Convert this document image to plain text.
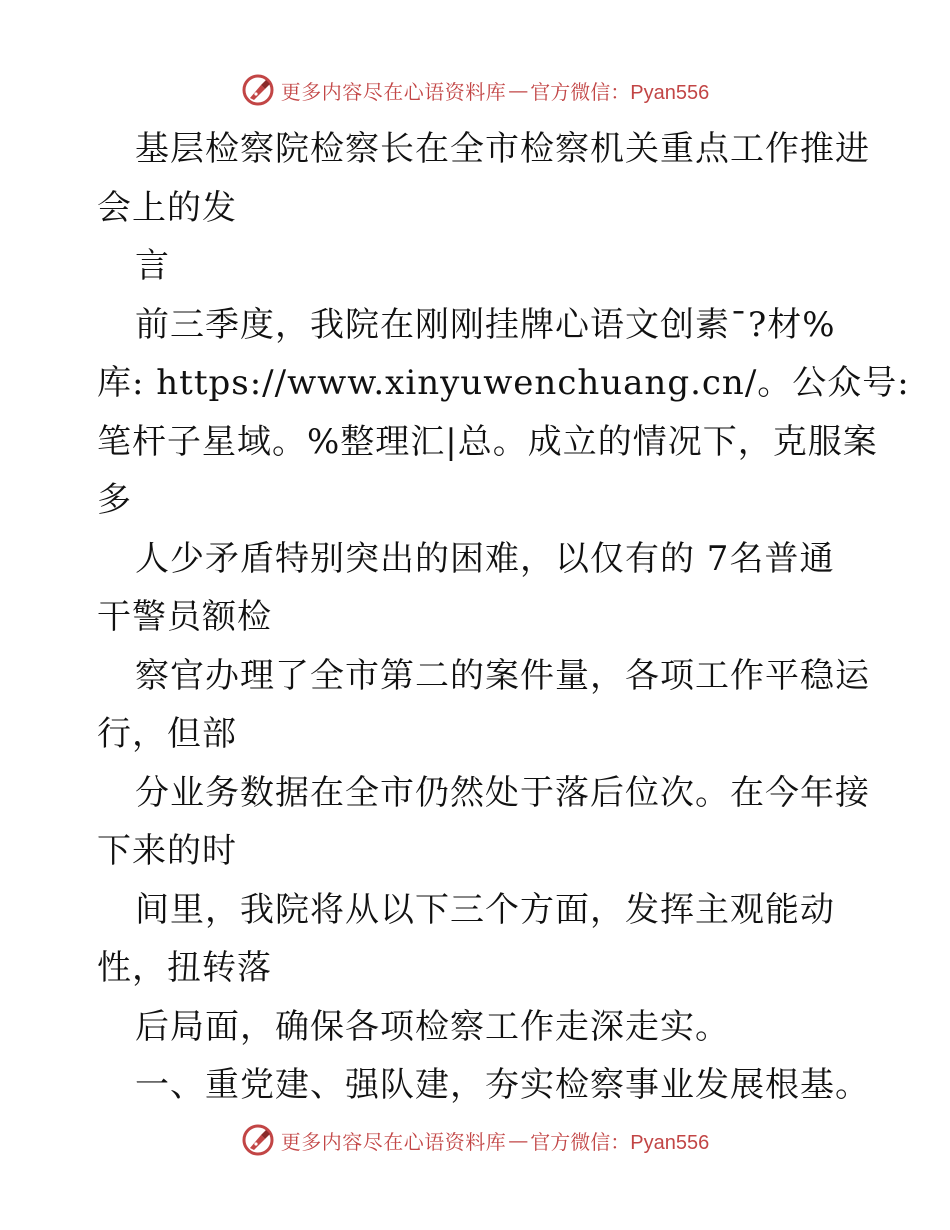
更多内容尽在心语资料库 — 官方微信：Pyan556
基层检察院检察长在全市检察机关重点工作推进
会上的发
言
前三季度，我院在刚刚挂牌心语文创素¯?材%
库: https://www.xinyuwenchuang.cn/。公众号:
笔杆子星域。%整理汇|总。成立的情况下，克服案
多
人少矛盾特别突出的困难，以仅有的 7名普通
干警员额检
察官办理了全市第二的案件量，各项工作平稳运
行，但部
分业务数据在全市仍然处于落后位次。在今年接
下来的时
间里，我院将从以下三个方面，发挥主观能动
性，扭转落
后局面，确保各项检察工作走深走实。
一、重党建、强队建，夯实检察事业发展根基。
更多内容尽在心语资料库 — 官方微信：Pyan556
